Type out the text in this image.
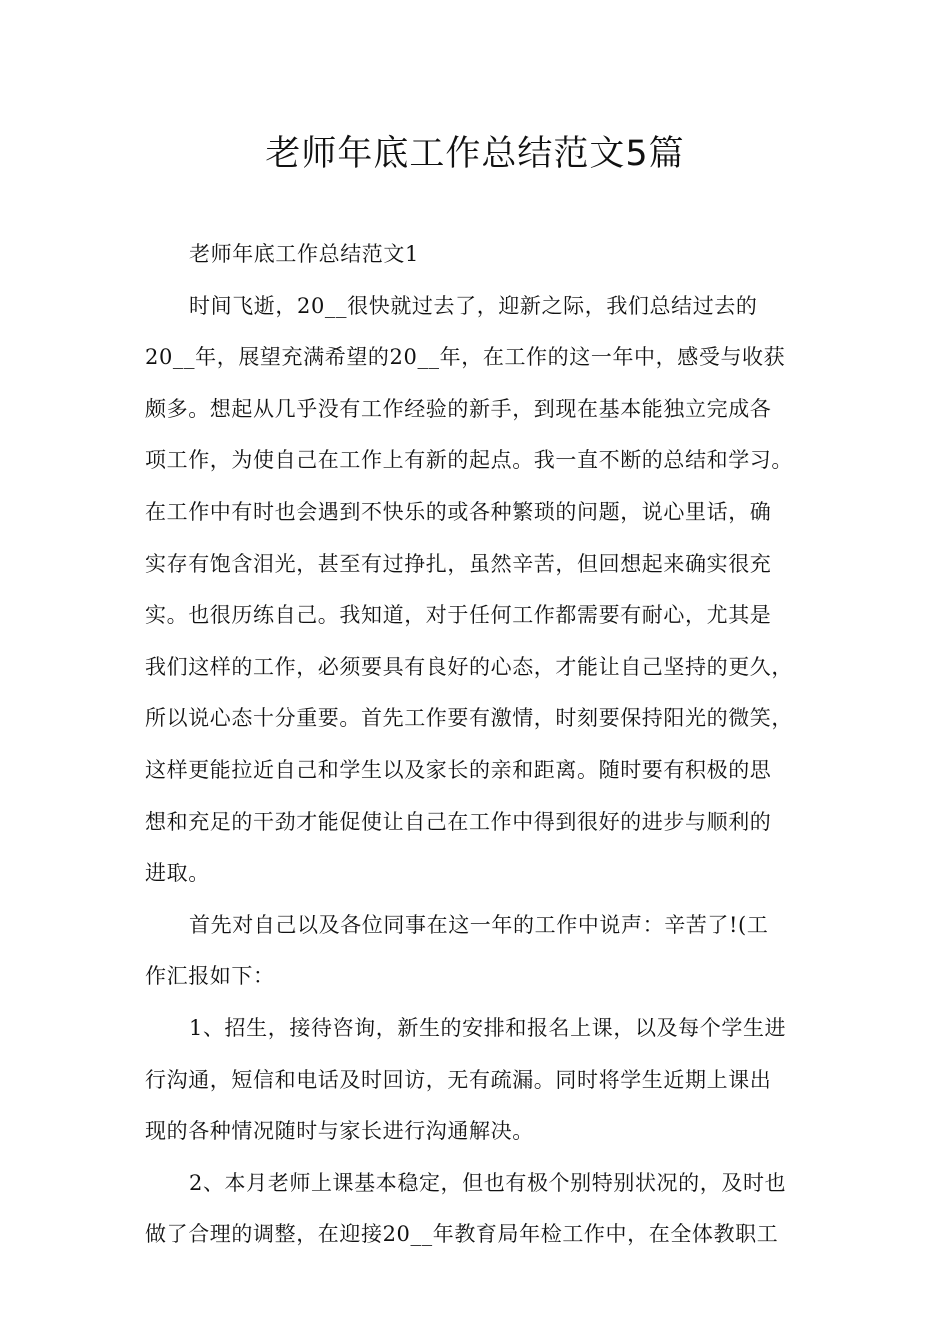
老师年底工作总结范文5篇
老师年底工作总结范文1
时间飞逝，20__很快就过去了，迎新之际，我们总结过去的
20__年，展望充满希望的20__年，在工作的这一年中，感受与收获
颇多。想起从几乎没有工作经验的新手，到现在基本能独立完成各
项工作，为使自己在工作上有新的起点。我一直不断的总结和学习。
在工作中有时也会遇到不快乐的或各种繁琐的问题，说心里话，确
实存有饱含泪光，甚至有过挣扎，虽然辛苦，但回想起来确实很充
实。也很历练自己。我知道，对于任何工作都需要有耐心，尤其是
我们这样的工作，必须要具有良好的心态，才能让自己坚持的更久，
所以说心态十分重要。首先工作要有激情，时刻要保持阳光的微笑，
这样更能拉近自己和学生以及家长的亲和距离。随时要有积极的思
想和充足的干劲才能促使让自己在工作中得到很好的进步与顺利的
进取。
首先对自己以及各位同事在这一年的工作中说声：辛苦了!(工
作汇报如下：
1、招生，接待咨询，新生的安排和报名上课，以及每个学生进
行沟通，短信和电话及时回访，无有疏漏。同时将学生近期上课出
现的各种情况随时与家长进行沟通解决。
2、本月老师上课基本稳定，但也有极个别特别状况的，及时也
做了合理的调整，在迎接20__年教育局年检工作中，在全体教职工
